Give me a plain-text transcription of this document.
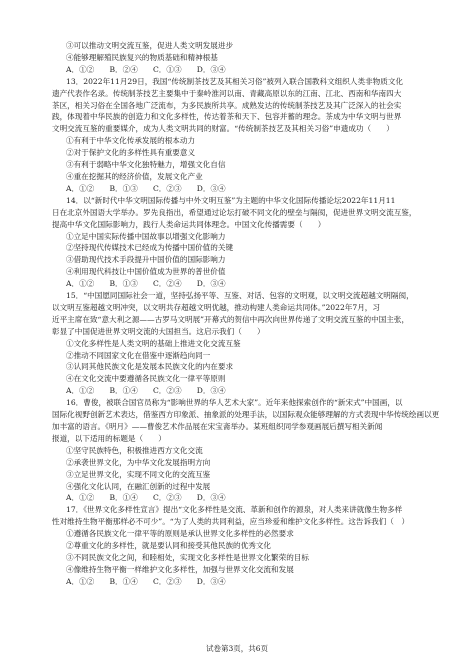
③可以推动文明交流互鉴，促进人类文明发展进步
④能够理解殖民族复兴的物质基础和精神根基
A．①②　　B．②④　　C．①③　　D．③④
13．2022年11月29日，我国“传统制茶技艺及其相关习俗”被列入联合国教科文组织人类非物质文化
遗产代表作名录。传统制茶技艺主要集中于秦岭淮河以南、青藏高原以东的江南、江北、西南和华南四大
茶区，相关习俗在全国各地广泛流布，为多民族所共享。成熟发达的传统制茶技艺及其广泛深入的社会实
践，体现着中华民族的创造力和文化多样性，传达着茶和天下、包容并蓄的理念。茶成为中华文明与世界
文明交流互鉴的重要媒介，成为人类文明共同的财富。“传统制茶技艺及其相关习俗”申遗成功（　　）
①有利于中华文化传承发展的根本动力
②对于保护文化的多样性具有重要意义
③有利于弱略中华文化独特魅力，增强文化自信
④重在挖掘其的经济价值，发展文化产业
A．①②　　B．①③　　C．②③　　D．③④
14．以“新时代中华文明国际传播与中外文明互鉴”为主题的中华文化国际传播论坛2022年11月11
日在北京外国语大学举办。罗先良指出，希望通过论坛打破不同文化的壁垒与隔阂，促进世界文明交流互鉴，
提高中华文化国际影响力，践行人类命运共同体理念。中国文化传播需要（　　）
①立足中国实际传播中国故事以增强文化影响力
②坚持现代传媒技术已经成为传播中国价值的关键
③借助现代技术手段提升中国价值的国际影响力
④利用现代科技让中国价值成为世界的普世价值
A．①②　　B．①③　　C．②④　　D．③④
15．“中国愿同国际社会一道，坚持弘扬平等、互鉴、对话、包容的文明观，以文明交流超越文明隔阂，
以文明互鉴超越文明冲突，以文明共存超越文明优越，推动构建人类命运共同体。”2022年7月，习
近平主席在致“意大利之源——古罗马文明展”开幕式的贺信中再次向世界传递了文明交流互鉴的中国主张，
彰显了中国促进世界文明交流的大国担当。这启示我们（　　）
①文化多样性是人类文明的基础上推进文化交流互鉴
②推动不同国家文化在借鉴中逐渐趋向同一
③认同其他民族文化是发展本民族文化的内在要求
④在文化交流中要遵循各民族文化一律平等原则
A．①②　　B．①④　　C．②③　　D．③④
16．曹俊，被联合国官员称为“影响世界的华人艺术大家”。近年来他探索创作的“新宋式”中国画，以
国际化视野创新艺术表达，借鉴西方印象派、抽象派的处理手法，以国际观众能够理解的方式表现中华传统绘画以更
加丰富的语言。《明月》——曹俊艺术作品展在宋宝斋举办。某班组织同学参观画展后撰写相关新闻
报道，以下适用的标题是（　　）
①坚守民族特色，积极推进西方文化交流
②承袭世界文化，为中华文化发展指明方向
③立足世界文化，实现不同文化的交流互鉴
④强化文化认同，在融汇创新的过程中发展
A．①②　　B．①④　　C．②③　　D．③④
17．《世界文化多样性宣言》提出“文化多样性是交流、革新和创作的源泉，对人类来讲就像生物多样
性对维持生物平衡那样必不可少”。“为了人类的共同利益，应当珍爱和维护文化多样性。这告诉我们（　）
①遵循各民族文化一律平等的原则是承认世界文化多样性的必然要求
②尊重文化的多样性，就是要认同和接受其他民族的优秀文化
③不同民族文化之间，和睦相处，实现文化多样性是世界文化繁荣的目标
④像维持生物平衡一样维护文化多样性，加强与世界文化交流和发展
A．①②　　B．①④　　C．②③　　D．③④
试卷第3页，共6页
